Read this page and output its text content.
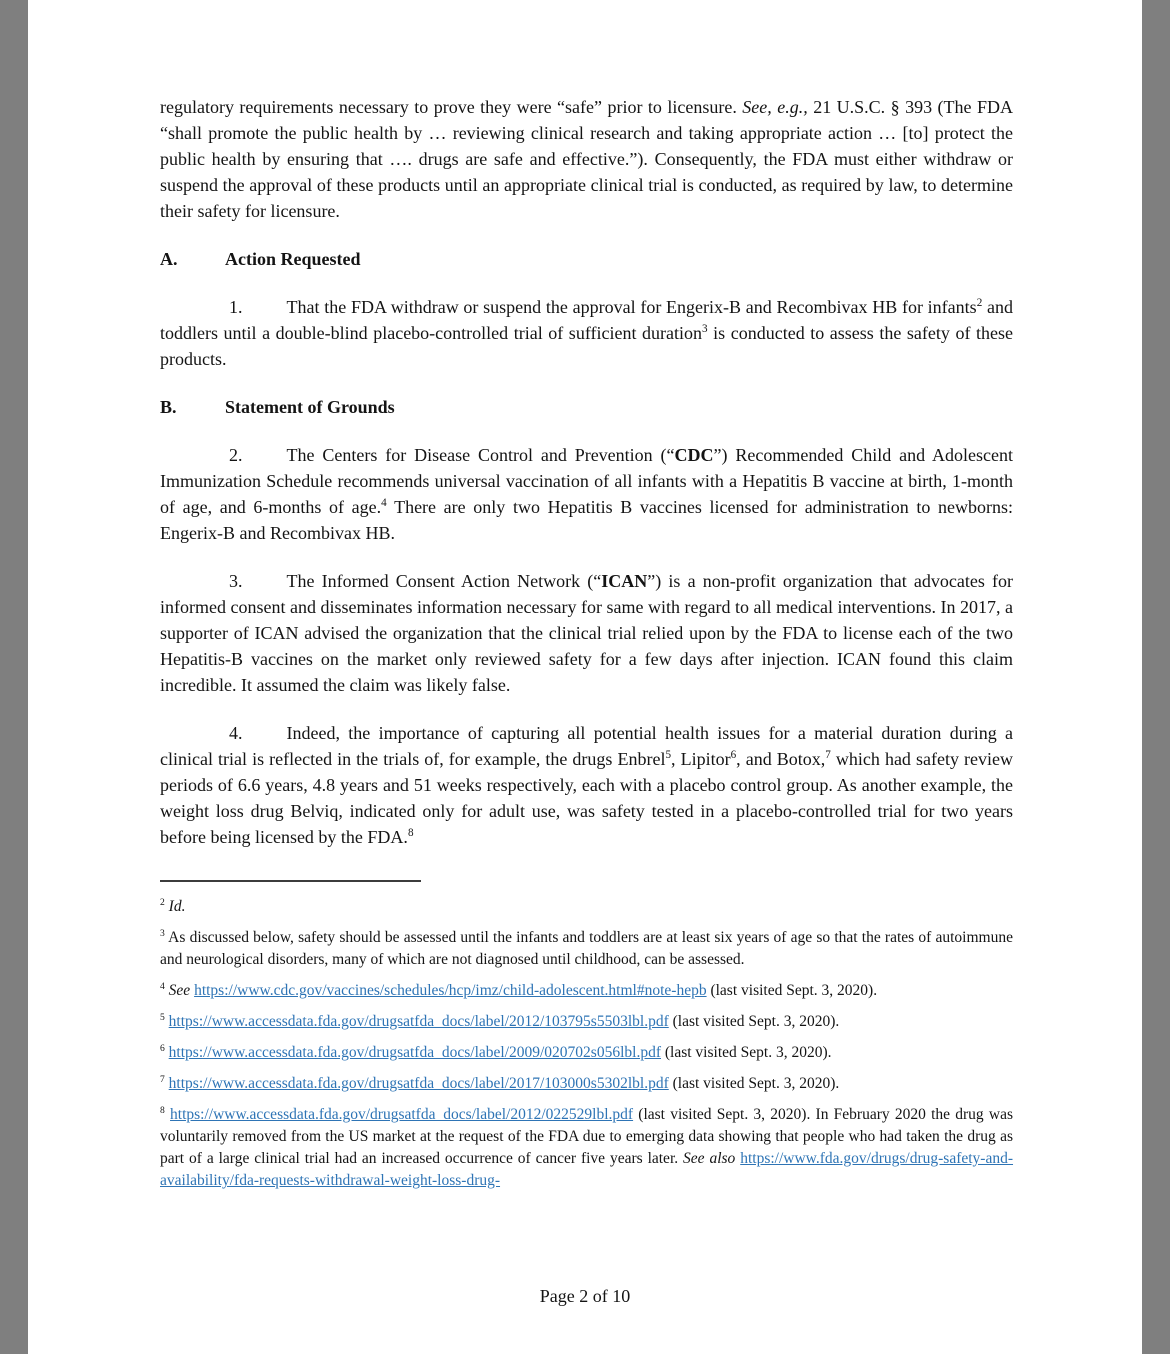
regulatory requirements necessary to prove they were “safe” prior to licensure. See, e.g., 21 U.S.C. § 393 (The FDA “shall promote the public health by … reviewing clinical research and taking appropriate action … [to] protect the public health by ensuring that …. drugs are safe and effective.”). Consequently, the FDA must either withdraw or suspend the approval of these products until an appropriate clinical trial is conducted, as required by law, to determine their safety for licensure.

A.	Action Requested

1. That the FDA withdraw or suspend the approval for Engerix-B and Recombivax HB for infants$^2$ and toddlers until a double-blind placebo-controlled trial of sufficient duration$^3$ is conducted to assess the safety of these products.

B.	Statement of Grounds

2. The Centers for Disease Control and Prevention (“CDC”) Recommended Child and Adolescent Immunization Schedule recommends universal vaccination of all infants with a Hepatitis B vaccine at birth, 1-month of age, and 6-months of age.$^4$ There are only two Hepatitis B vaccines licensed for administration to newborns: Engerix-B and Recombivax HB.

3. The Informed Consent Action Network (“ICAN”) is a non-profit organization that advocates for informed consent and disseminates information necessary for same with regard to all medical interventions. In 2017, a supporter of ICAN advised the organization that the clinical trial relied upon by the FDA to license each of the two Hepatitis-B vaccines on the market only reviewed safety for a few days after injection. ICAN found this claim incredible. It assumed the claim was likely false.

4. Indeed, the importance of capturing all potential health issues for a material duration during a clinical trial is reflected in the trials of, for example, the drugs Enbrel$^5$, Lipitor$^6$, and Botox,$^7$ which had safety review periods of 6.6 years, 4.8 years and 51 weeks respectively, each with a placebo control group. As another example, the weight loss drug Belviq, indicated only for adult use, was safety tested in a placebo-controlled trial for two years before being licensed by the FDA.$^8$

$^2$ Id.

$^3$ As discussed below, safety should be assessed until the infants and toddlers are at least six years of age so that the rates of autoimmune and neurological disorders, many of which are not diagnosed until childhood, can be assessed.

$^4$ See https://www.cdc.gov/vaccines/schedules/hcp/imz/child-adolescent.html#note-hepb (last visited Sept. 3, 2020).

$^5$ https://www.accessdata.fda.gov/drugsatfda_docs/label/2012/103795s5503lbl.pdf (last visited Sept. 3, 2020).

$^6$ https://www.accessdata.fda.gov/drugsatfda_docs/label/2009/020702s056lbl.pdf (last visited Sept. 3, 2020).

$^7$ https://www.accessdata.fda.gov/drugsatfda_docs/label/2017/103000s5302lbl.pdf (last visited Sept. 3, 2020).

$^8$ https://www.accessdata.fda.gov/drugsatfda_docs/label/2012/022529lbl.pdf (last visited Sept. 3, 2020). In February 2020 the drug was voluntarily removed from the US market at the request of the FDA due to emerging data showing that people who had taken the drug as part of a large clinical trial had an increased occurrence of cancer five years later. See also https://www.fda.gov/drugs/drug-safety-and-availability/fda-requests-withdrawal-weight-loss-drug-

Page 2 of 10
